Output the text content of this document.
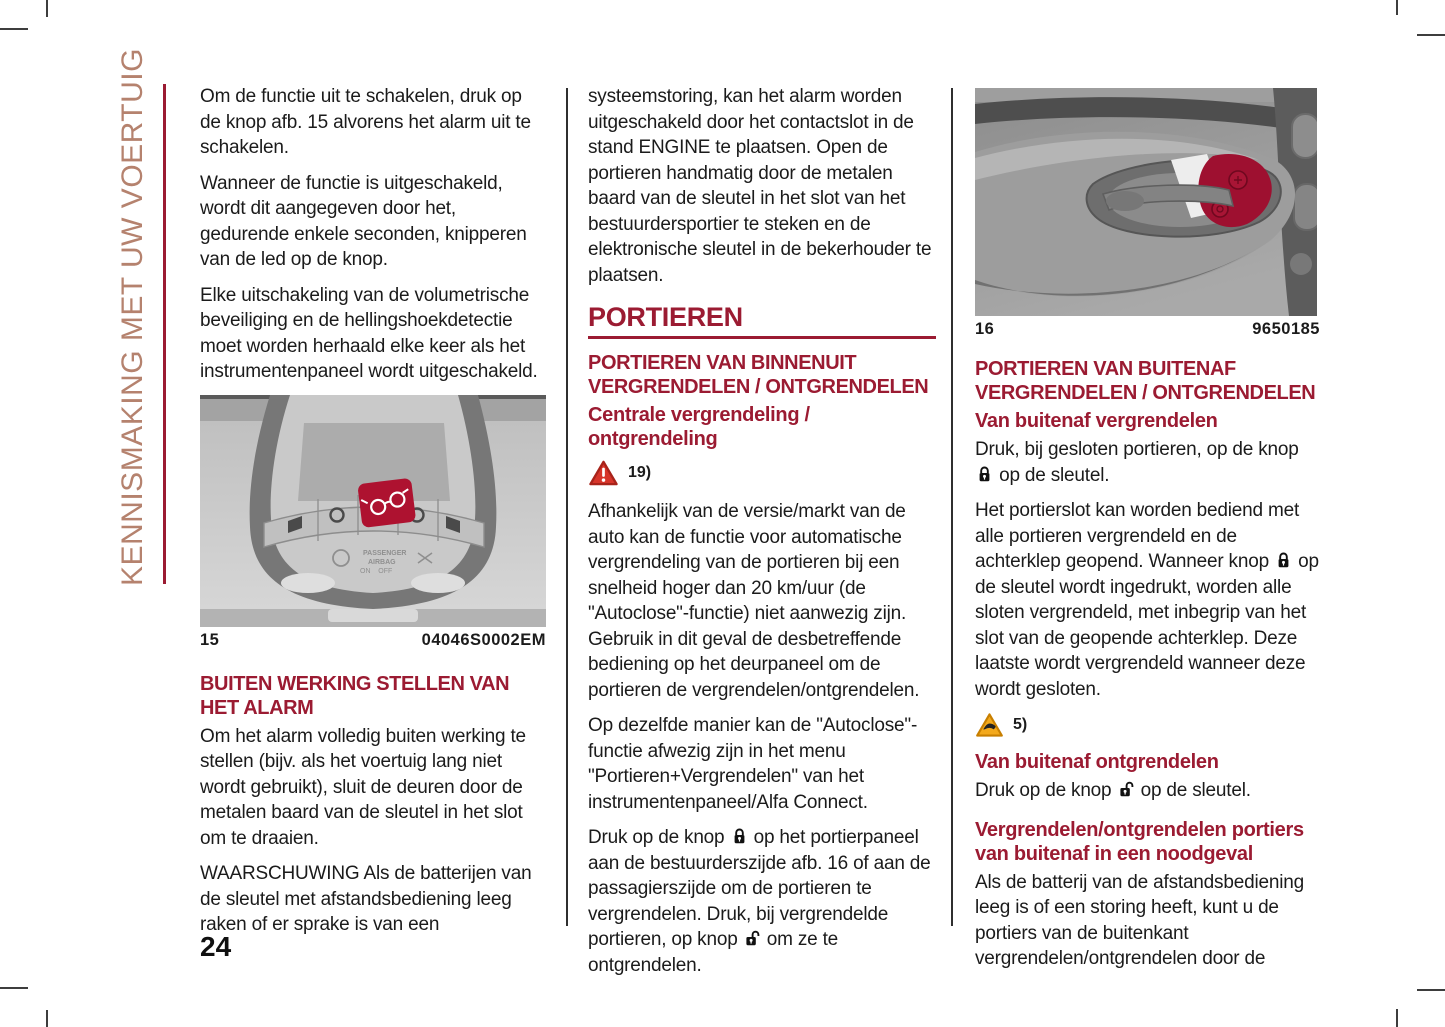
KENNISMAKING MET UW VOERTUIG	Om de functie uit te schakelen, druk op de knop afb. 15 alvorens het alarm uit te schakelen.

Wanneer de functie is uitgeschakeld, wordt dit aangegeven door het, gedurende enkele seconden, knipperen van de led op de knop.

Elke uitschakeling van de volumetrische beveiliging en de hellingshoekdetectie moet worden herhaald elke keer als het instrumentenpaneel wordt uitgeschakeld.

PASSENGER
AIRBAG
ON    OFF
15	04046S0002EM
BUITEN WERKING STELLEN VAN HET ALARM

Om het alarm volledig buiten werking te stellen (bijv. als het voertuig lang niet wordt gebruikt), sluit de deuren door de metalen baard van de sleutel in het slot om te draaien.

WAARSCHUWING Als de batterijen van de sleutel met afstandsbediening leeg raken of er sprake is van een

systeemstoring, kan het alarm worden uitgeschakeld door het contactslot in de stand ENGINE te plaatsen. Open de portieren handmatig door de metalen baard van de sleutel in het slot van het bestuurdersportier te steken en de elektronische sleutel in de bekerhouder te plaatsen.

PORTIEREN
PORTIEREN VAN BINNENUIT VERGRENDELEN / ONTGRENDELEN
Centrale vergrendeling / ontgrendeling
19)

Afhankelijk van de versie/markt van de auto kan de functie voor automatische vergrendeling van de portieren bij een snelheid hoger dan 20 km/uur (de "Autoclose"-functie) niet aanwezig zijn. Gebruik in dit geval de desbetreffende bediening op het deurpaneel om de portieren de vergrendelen/ontgrendelen.

Op dezelfde manier kan de "Autoclose"-functie afwezig zijn in het menu "Portieren+Vergrendelen" van het instrumentenpaneel/Alfa Connect.

Druk op de knop op het portierpaneel aan de bestuurderszijde afb. 16 of aan de passagierszijde om de portieren te vergrendelen. Druk, bij vergrendelde portieren, op knop om ze te ontgrendelen.

16	9650185
PORTIEREN VAN BUITENAF VERGRENDELEN / ONTGRENDELEN
Van buitenaf vergrendelen

Druk, bij gesloten portieren, op de knop  op de sleutel.

Het portierslot kan worden bediend met alle portieren vergrendeld en de achterklep geopend. Wanneer knop op de sleutel wordt ingedrukt, worden alle sloten vergrendeld, met inbegrip van het slot van de geopende achterklep. Deze laatste wordt vergrendeld wanneer deze wordt gesloten.

5)
Van buitenaf ontgrendelen

Druk op de knop op de sleutel.

Vergrendelen/ontgrendelen portiers van buitenaf in een noodgeval

Als de batterij van de afstandsbediening leeg is of een storing heeft, kunt u de portiers van de buitenkant vergrendelen/ontgrendelen door de

24
